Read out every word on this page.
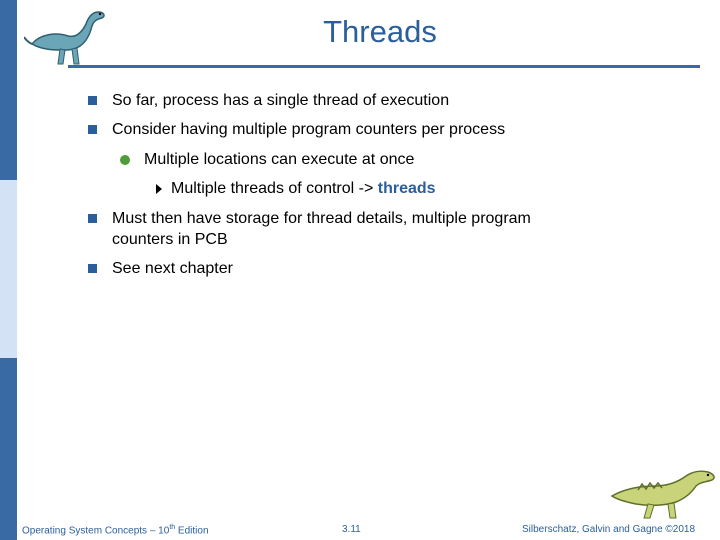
Threads
So far, process has a single thread of execution
Consider having multiple program counters per process
Multiple locations can execute at once
Multiple threads of control -> threads
Must then have storage for thread details, multiple program
counters in PCB
See next chapter
Operating System Concepts – 10th Edition	3.11	Silberschatz, Galvin and Gagne ©2018
